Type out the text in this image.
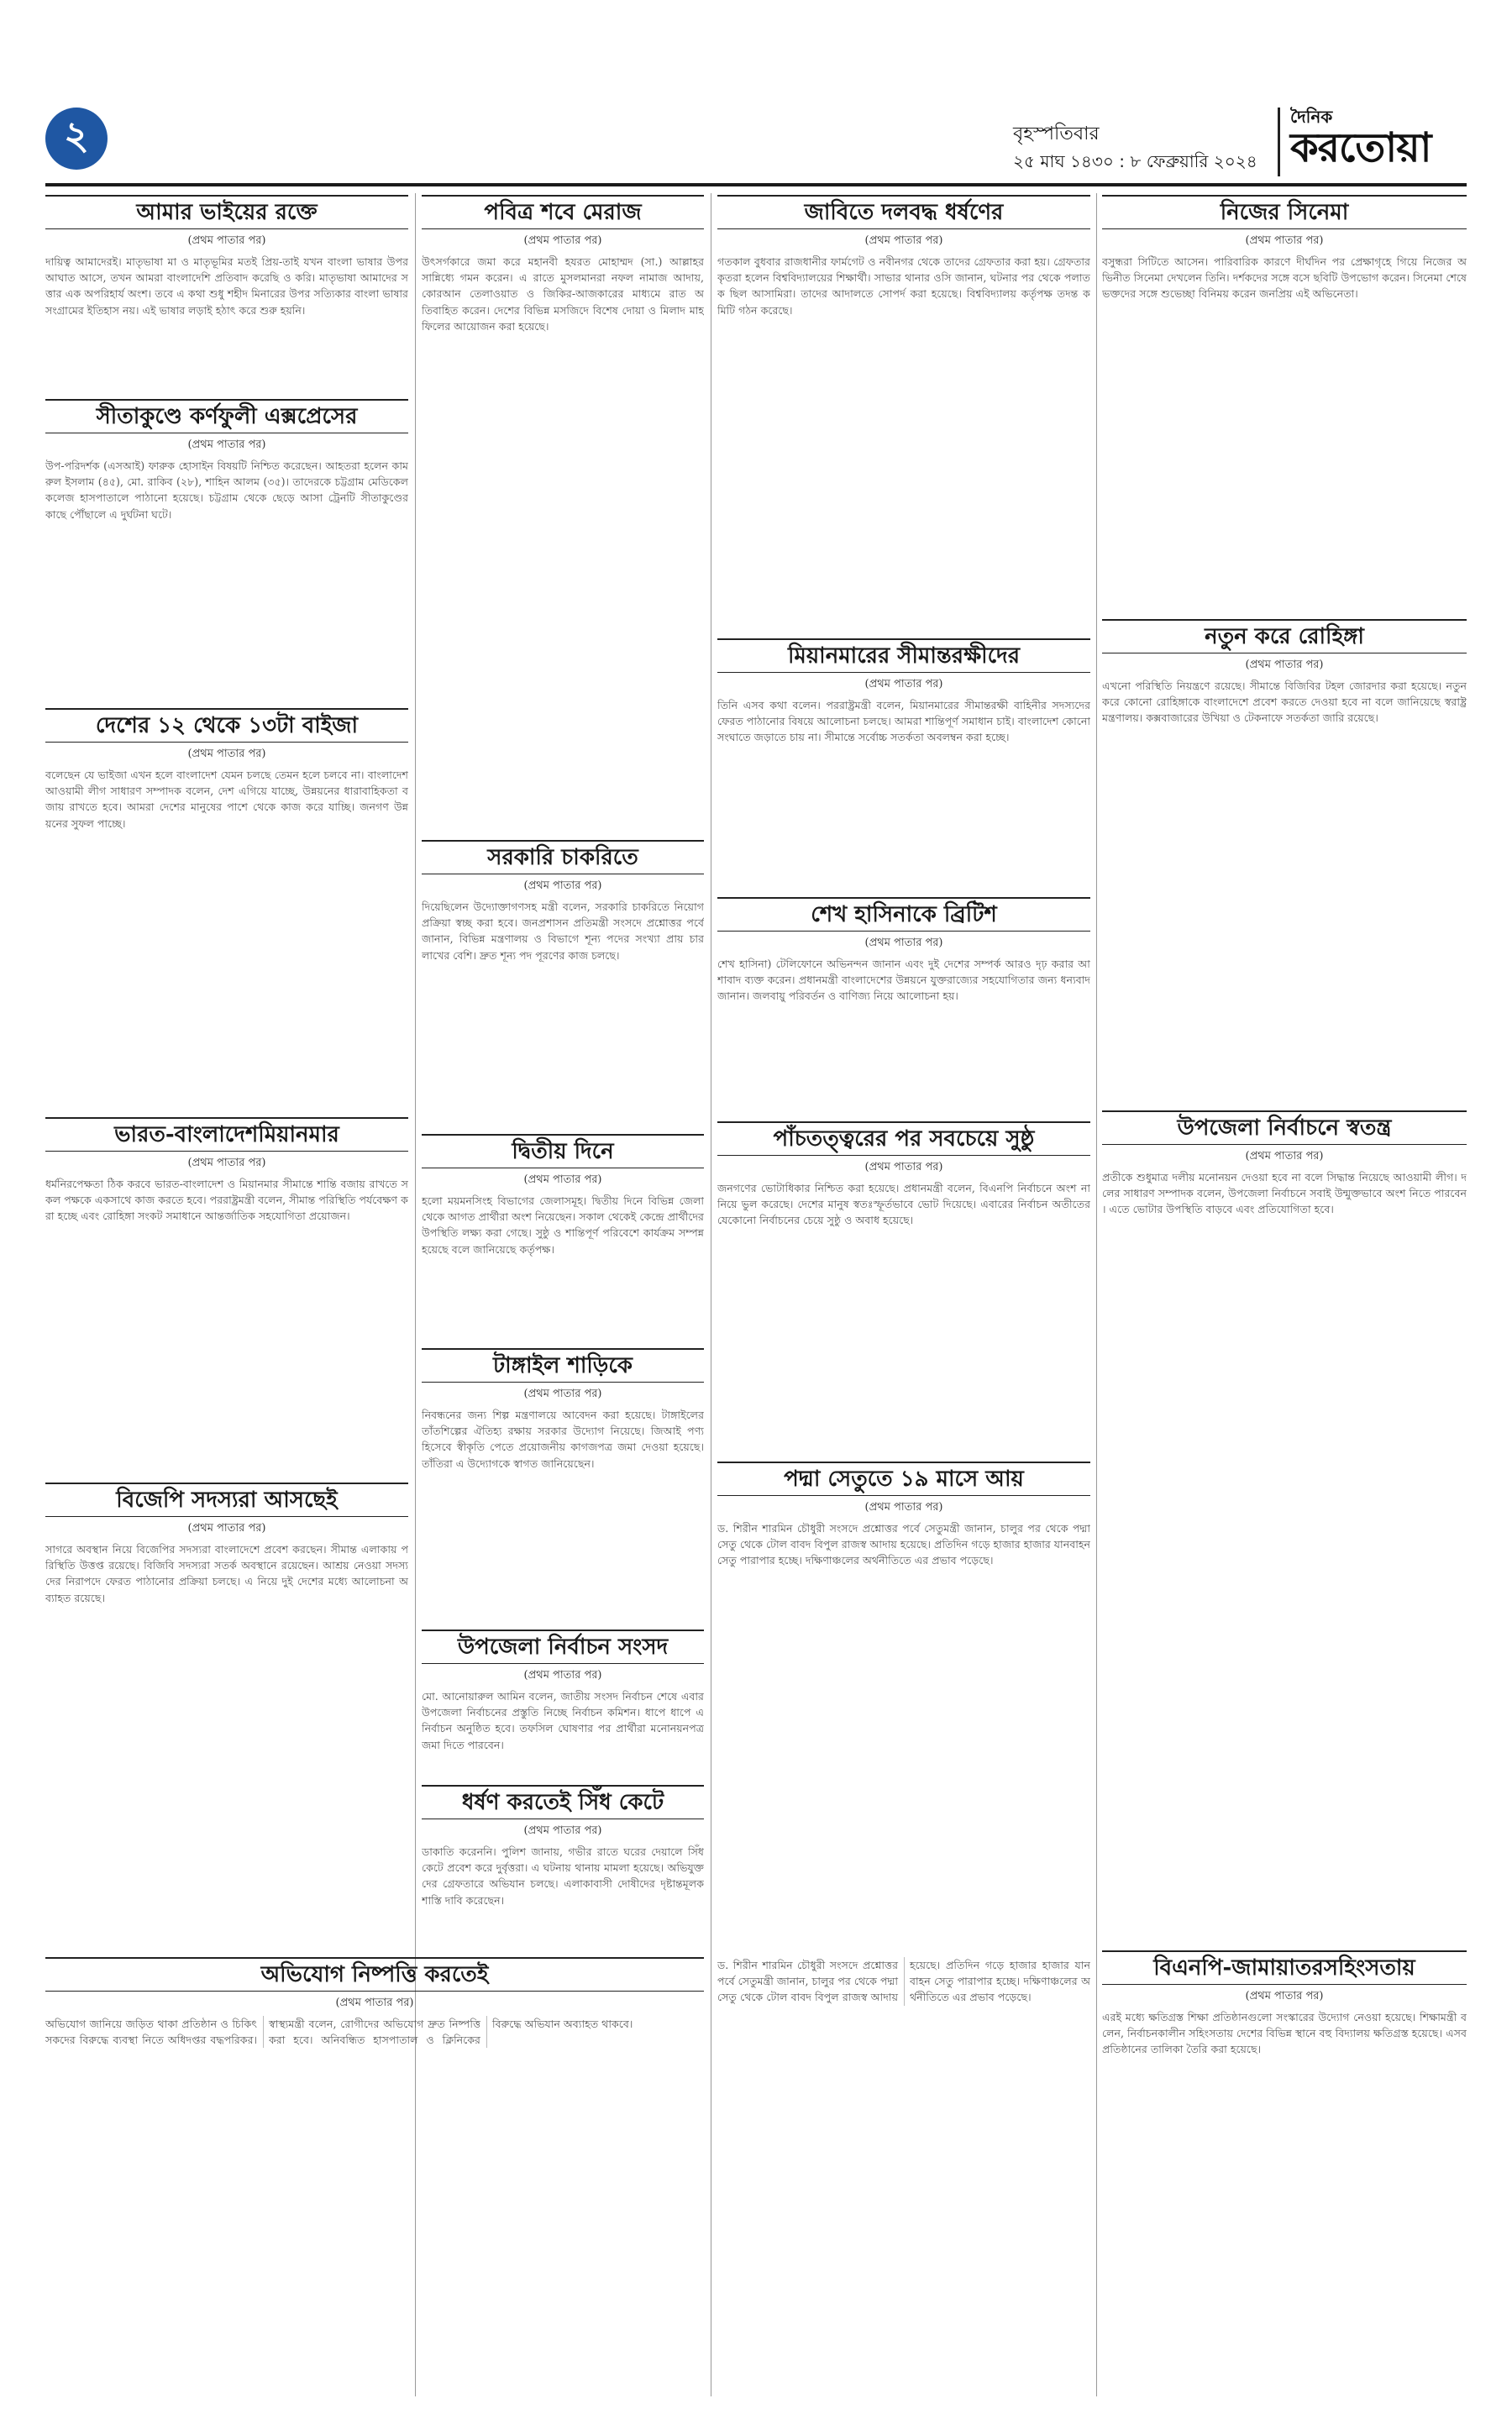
২	বৃহস্পতিবার
২৫ মাঘ ১৪৩০ : ৮ ফেব্রুয়ারি ২০২৪
দৈনিক
করতোয়া
আমার ভাইয়ের রক্তে
(প্রথম পাতার পর)

দায়িত্ব আমাদেরই। মাতৃভাষা মা ও মাতৃভূমির মতই প্রিয়-তাই যখন বাংলা ভাষার উপর আঘাত আসে, তখন আমরা বাংলাদেশি প্রতিবাদ করেছি ও করি। মাতৃভাষা আমাদের সত্তার এক অপরিহার্য অংশ। তবে এ কথা শুধু শহীদ মিনারের উপর সত্যিকার বাংলা ভাষার সংগ্রামের ইতিহাস নয়। এই ভাষার লড়াই হঠাৎ করে শুরু হয়নি।

সীতাকুণ্ডে কর্ণফুলী এক্সপ্রেসের
(প্রথম পাতার পর)

উপ-পরিদর্শক (এসআই) ফারুক হোসাইন বিষয়টি নিশ্চিত করেছেন। আহতরা হলেন কামরুল ইসলাম (৪৫), মো. রাকিব (২৮), শাহিন আলম (৩৫)। তাদেরকে চট্টগ্রাম মেডিকেল কলেজ হাসপাতালে পাঠানো হয়েছে। চট্টগ্রাম থেকে ছেড়ে আসা ট্রেনটি সীতাকুণ্ডের কাছে পৌঁছালে এ দুর্ঘটনা ঘটে।

দেশের ১২ থেকে ১৩টা বাইজা
(প্রথম পাতার পর)

বলেছেন যে ভাইজা এখন হলে বাংলাদেশ যেমন চলছে তেমন হলে চলবে না। বাংলাদেশ আওয়ামী লীগ সাধারণ সম্পাদক বলেন, দেশ এগিয়ে যাচ্ছে, উন্নয়নের ধারাবাহিকতা বজায় রাখতে হবে। আমরা দেশের মানুষের পাশে থেকে কাজ করে যাচ্ছি। জনগণ উন্নয়নের সুফল পাচ্ছে।

ভারত-বাংলাদেশমিয়ানমার
(প্রথম পাতার পর)

ধর্মনিরপেক্ষতা ঠিক করবে ভারত-বাংলাদেশ ও মিয়ানমার সীমান্তে শান্তি বজায় রাখতে সকল পক্ষকে একসাথে কাজ করতে হবে। পররাষ্ট্রমন্ত্রী বলেন, সীমান্ত পরিস্থিতি পর্যবেক্ষণ করা হচ্ছে এবং রোহিঙ্গা সংকট সমাধানে আন্তর্জাতিক সহযোগিতা প্রয়োজন।

বিজেপি সদস্যরা আসছেই
(প্রথম পাতার পর)

সাগরে অবস্থান নিয়ে বিজেপির সদস্যরা বাংলাদেশে প্রবেশ করছেন। সীমান্ত এলাকায় পরিস্থিতি উত্তপ্ত রয়েছে। বিজিবি সদস্যরা সতর্ক অবস্থানে রয়েছেন। আশ্রয় নেওয়া সদস্যদের নিরাপদে ফেরত পাঠানোর প্রক্রিয়া চলছে। এ নিয়ে দুই দেশের মধ্যে আলোচনা অব্যাহত রয়েছে।

পবিত্র শবে মেরাজ
(প্রথম পাতার পর)

উৎসর্গকারে জমা করে মহানবী হযরত মোহাম্মদ (সা.) আল্লাহর সান্নিধ্যে গমন করেন। এ রাতে মুসলমানরা নফল নামাজ আদায়, কোরআন তেলাওয়াত ও জিকির-আজকারের মাধ্যমে রাত অতিবাহিত করেন। দেশের বিভিন্ন মসজিদে বিশেষ দোয়া ও মিলাদ মাহফিলের আয়োজন করা হয়েছে।

সরকারি চাকরিতে
(প্রথম পাতার পর)

দিয়েছিলেন উদ্যোক্তাগণসহ মন্ত্রী বলেন, সরকারি চাকরিতে নিয়োগ প্রক্রিয়া স্বচ্ছ করা হবে। জনপ্রশাসন প্রতিমন্ত্রী সংসদে প্রশ্নোত্তর পর্বে জানান, বিভিন্ন মন্ত্রণালয় ও বিভাগে শূন্য পদের সংখ্যা প্রায় চার লাখের বেশি। দ্রুত শূন্য পদ পূরণের কাজ চলছে।

দ্বিতীয় দিনে
(প্রথম পাতার পর)

হলো ময়মনসিংহ বিভাগের জেলাসমূহ। দ্বিতীয় দিনে বিভিন্ন জেলা থেকে আগত প্রার্থীরা অংশ নিয়েছেন। সকাল থেকেই কেন্দ্রে প্রার্থীদের উপস্থিতি লক্ষ্য করা গেছে। সুষ্ঠু ও শান্তিপূর্ণ পরিবেশে কার্যক্রম সম্পন্ন হয়েছে বলে জানিয়েছে কর্তৃপক্ষ।

টাঙ্গাইল শাড়িকে
(প্রথম পাতার পর)

নিবন্ধনের জন্য শিল্প মন্ত্রণালয়ে আবেদন করা হয়েছে। টাঙ্গাইলের তাঁতশিল্পের ঐতিহ্য রক্ষায় সরকার উদ্যোগ নিয়েছে। জিআই পণ্য হিসেবে স্বীকৃতি পেতে প্রয়োজনীয় কাগজপত্র জমা দেওয়া হয়েছে। তাঁতিরা এ উদ্যোগকে স্বাগত জানিয়েছেন।

জাবিতে দলবদ্ধ ধর্ষণের
(প্রথম পাতার পর)

গতকাল বুধবার রাজধানীর ফার্মগেট ও নবীনগর থেকে তাদের গ্রেফতার করা হয়। গ্রেফতারকৃতরা হলেন বিশ্ববিদ্যালয়ের শিক্ষার্থী। সাভার থানার ওসি জানান, ঘটনার পর থেকে পলাতক ছিল আসামিরা। তাদের আদালতে সোপর্দ করা হয়েছে। বিশ্ববিদ্যালয় কর্তৃপক্ষ তদন্ত কমিটি গঠন করেছে।

মিয়ানমারের সীমান্তরক্ষীদের
(প্রথম পাতার পর)

তিনি এসব কথা বলেন। পররাষ্ট্রমন্ত্রী বলেন, মিয়ানমারের সীমান্তরক্ষী বাহিনীর সদস্যদের ফেরত পাঠানোর বিষয়ে আলোচনা চলছে। আমরা শান্তিপূর্ণ সমাধান চাই। বাংলাদেশ কোনো সংঘাতে জড়াতে চায় না। সীমান্তে সর্বোচ্চ সতর্কতা অবলম্বন করা হচ্ছে।

শেখ হাসিনাকে ব্রিটিশ
(প্রথম পাতার পর)

শেখ হাসিনা) টেলিফোনে অভিনন্দন জানান এবং দুই দেশের সম্পর্ক আরও দৃঢ় করার আশাবাদ ব্যক্ত করেন। প্রধানমন্ত্রী বাংলাদেশের উন্নয়নে যুক্তরাজ্যের সহযোগিতার জন্য ধন্যবাদ জানান। জলবায়ু পরিবর্তন ও বাণিজ্য নিয়ে আলোচনা হয়।

পাঁচতত্ত্বরের পর সবচেয়ে সুষ্ঠু
(প্রথম পাতার পর)

জনগণের ভোটাধিকার নিশ্চিত করা হয়েছে। প্রধানমন্ত্রী বলেন, বিএনপি নির্বাচনে অংশ না নিয়ে ভুল করেছে। দেশের মানুষ স্বতঃস্ফূর্তভাবে ভোট দিয়েছে। এবারের নির্বাচন অতীতের যেকোনো নির্বাচনের চেয়ে সুষ্ঠু ও অবাধ হয়েছে।

পদ্মা সেতুতে ১৯ মাসে আয়
(প্রথম পাতার পর)

ড. শিরীন শারমিন চৌধুরী সংসদে প্রশ্নোত্তর পর্বে সেতুমন্ত্রী জানান, চালুর পর থেকে পদ্মা সেতু থেকে টোল বাবদ বিপুল রাজস্ব আদায় হয়েছে। প্রতিদিন গড়ে হাজার হাজার যানবাহন সেতু পারাপার হচ্ছে। দক্ষিণাঞ্চলের অর্থনীতিতে এর প্রভাব পড়েছে।

অভিযোগ নিষ্পত্তি করতেই
(প্রথম পাতার পর)

অভিযোগ জানিয়ে জড়িত থাকা প্রতিষ্ঠান ও চিকিৎসকদের বিরুদ্ধে ব্যবস্থা নিতে অধিদপ্তর বদ্ধপরিকর। স্বাস্থ্যমন্ত্রী বলেন, রোগীদের অভিযোগ দ্রুত নিষ্পত্তি করা হবে। অনিবন্ধিত হাসপাতাল ও ক্লিনিকের বিরুদ্ধে অভিযান অব্যাহত থাকবে।

ড. শিরীন শারমিন চৌধুরী সংসদে প্রশ্নোত্তর পর্বে সেতুমন্ত্রী জানান, চালুর পর থেকে পদ্মা সেতু থেকে টোল বাবদ বিপুল রাজস্ব আদায় হয়েছে। প্রতিদিন গড়ে হাজার হাজার যানবাহন সেতু পারাপার হচ্ছে। দক্ষিণাঞ্চলের অর্থনীতিতে এর প্রভাব পড়েছে।

নিজের সিনেমা
(প্রথম পাতার পর)

বসুন্ধরা সিটিতে আসেন। পারিবারিক কারণে দীর্ঘদিন পর প্রেক্ষাগৃহে গিয়ে নিজের অভিনীত সিনেমা দেখলেন তিনি। দর্শকদের সঙ্গে বসে ছবিটি উপভোগ করেন। সিনেমা শেষে ভক্তদের সঙ্গে শুভেচ্ছা বিনিময় করেন জনপ্রিয় এই অভিনেতা।

নতুন করে রোহিঙ্গা
(প্রথম পাতার পর)

এখনো পরিস্থিতি নিয়ন্ত্রণে রয়েছে। সীমান্তে বিজিবির টহল জোরদার করা হয়েছে। নতুন করে কোনো রোহিঙ্গাকে বাংলাদেশে প্রবেশ করতে দেওয়া হবে না বলে জানিয়েছে স্বরাষ্ট্র মন্ত্রণালয়। কক্সবাজারের উখিয়া ও টেকনাফে সতর্কতা জারি রয়েছে।

উপজেলা নির্বাচনে স্বতন্ত্র
(প্রথম পাতার পর)

প্রতীকে শুধুমাত্র দলীয় মনোনয়ন দেওয়া হবে না বলে সিদ্ধান্ত নিয়েছে আওয়ামী লীগ। দলের সাধারণ সম্পাদক বলেন, উপজেলা নির্বাচনে সবাই উন্মুক্তভাবে অংশ নিতে পারবেন। এতে ভোটার উপস্থিতি বাড়বে এবং প্রতিযোগিতা হবে।

বিএনপি-জামায়াতরসহিংসতায়
(প্রথম পাতার পর)

এরই মধ্যে ক্ষতিগ্রস্ত শিক্ষা প্রতিষ্ঠানগুলো সংস্কারের উদ্যোগ নেওয়া হয়েছে। শিক্ষামন্ত্রী বলেন, নির্বাচনকালীন সহিংসতায় দেশের বিভিন্ন স্থানে বহু বিদ্যালয় ক্ষতিগ্রস্ত হয়েছে। এসব প্রতিষ্ঠানের তালিকা তৈরি করা হয়েছে।

উপজেলা নির্বাচন সংসদ
(প্রথম পাতার পর)

মো. আনোয়ারুল আমিন বলেন, জাতীয় সংসদ নির্বাচন শেষে এবার উপজেলা নির্বাচনের প্রস্তুতি নিচ্ছে নির্বাচন কমিশন। ধাপে ধাপে এ নির্বাচন অনুষ্ঠিত হবে। তফসিল ঘোষণার পর প্রার্থীরা মনোনয়নপত্র জমা দিতে পারবেন।

ধর্ষণ করতেই সিঁধ কেটে
(প্রথম পাতার পর)

ডাকাতি করেননি। পুলিশ জানায়, গভীর রাতে ঘরের দেয়ালে সিঁধ কেটে প্রবেশ করে দুর্বৃত্তরা। এ ঘটনায় থানায় মামলা হয়েছে। অভিযুক্তদের গ্রেফতারে অভিযান চলছে। এলাকাবাসী দোষীদের দৃষ্টান্তমূলক শাস্তি দাবি করেছেন।
